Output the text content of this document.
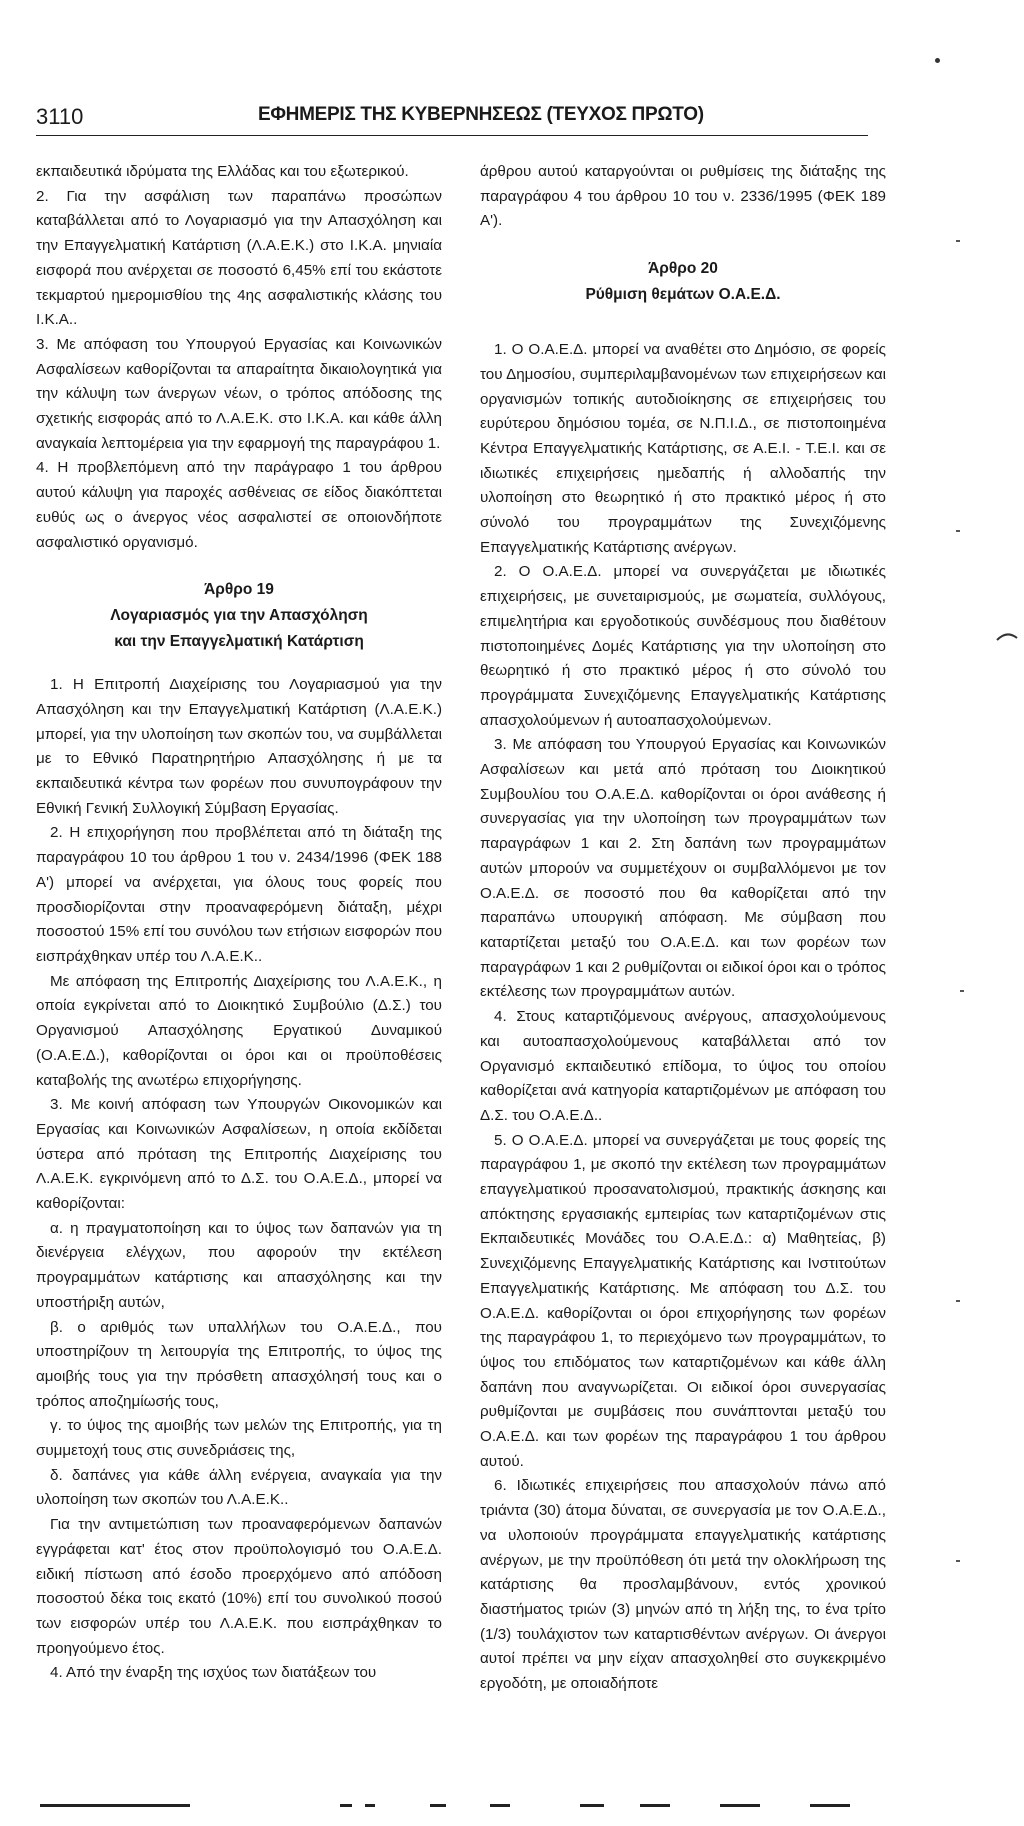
3110	ΕΦΗΜΕΡΙΣ ΤΗΣ ΚΥΒΕΡΝΗΣΕΩΣ (ΤΕΥΧΟΣ ΠΡΩΤΟ)

εκπαιδευτικά ιδρύματα της Ελλάδας και του εξωτερικού.

2. Για την ασφάλιση των παραπάνω προσώπων καταβάλλεται από το Λογαριασμό για την Απασχόληση και την Επαγγελματική Κατάρτιση (Λ.Α.Ε.Κ.) στο Ι.Κ.Α. μηνιαία εισφορά που ανέρχεται σε ποσοστό 6,45% επί του εκάστοτε τεκμαρτού ημερομισθίου της 4ης ασφαλιστικής κλάσης του Ι.Κ.Α..

3. Με απόφαση του Υπουργού Εργασίας και Κοινωνικών Ασφαλίσεων καθορίζονται τα απαραίτητα δικαιολογητικά για την κάλυψη των άνεργων νέων, ο τρόπος απόδοσης της σχετικής εισφοράς από το Λ.Α.Ε.Κ. στο Ι.Κ.Α. και κάθε άλλη αναγκαία λεπτομέρεια για την εφαρμογή της παραγράφου 1.

4. Η προβλεπόμενη από την παράγραφο 1 του άρθρου αυτού κάλυψη για παροχές ασθένειας σε είδος διακόπτεται ευθύς ως ο άνεργος νέος ασφαλιστεί σε οποιονδήποτε ασφαλιστικό οργανισμό.

Άρθρο 19
Λογαριασμός για την Απασχόληση
και την Επαγγελματική Κατάρτιση

1. Η Επιτροπή Διαχείρισης του Λογαριασμού για την Απασχόληση και την Επαγγελματική Κατάρτιση (Λ.Α.Ε.Κ.) μπορεί, για την υλοποίηση των σκοπών του, να συμβάλλεται με το Εθνικό Παρατηρητήριο Απασχόλησης ή με τα εκπαιδευτικά κέντρα των φορέων που συνυπογράφουν την Εθνική Γενική Συλλογική Σύμβαση Εργασίας.

2. Η επιχορήγηση που προβλέπεται από τη διάταξη της παραγράφου 10 του άρθρου 1 του ν. 2434/1996 (ΦΕΚ 188 Α') μπορεί να ανέρχεται, για όλους τους φορείς που προσδιορίζονται στην προαναφερόμενη διάταξη, μέχρι ποσοστού 15% επί του συνόλου των ετήσιων εισφορών που εισπράχθηκαν υπέρ του Λ.Α.Ε.Κ..

Με απόφαση της Επιτροπής Διαχείρισης του Λ.Α.Ε.Κ., η οποία εγκρίνεται από το Διοικητικό Συμβούλιο (Δ.Σ.) του Οργανισμού Απασχόλησης Εργατικού Δυναμικού (Ο.Α.Ε.Δ.), καθορίζονται οι όροι και οι προϋποθέσεις καταβολής της ανωτέρω επιχορήγησης.

3. Με κοινή απόφαση των Υπουργών Οικονομικών και Εργασίας και Κοινωνικών Ασφαλίσεων, η οποία εκδίδεται ύστερα από πρόταση της Επιτροπής Διαχείρισης του Λ.Α.Ε.Κ. εγκρινόμενη από το Δ.Σ. του Ο.Α.Ε.Δ., μπορεί να καθορίζονται:

α. η πραγματοποίηση και το ύψος των δαπανών για τη διενέργεια ελέγχων, που αφορούν την εκτέλεση προγραμμάτων κατάρτισης και απασχόλησης και την υποστήριξη αυτών,

β. ο αριθμός των υπαλλήλων του Ο.Α.Ε.Δ., που υποστηρίζουν τη λειτουργία της Επιτροπής, το ύψος της αμοιβής τους για την πρόσθετη απασχόλησή τους και ο τρόπος αποζημίωσής τους,

γ. το ύψος της αμοιβής των μελών της Επιτροπής, για τη συμμετοχή τους στις συνεδριάσεις της,

δ. δαπάνες για κάθε άλλη ενέργεια, αναγκαία για την υλοποίηση των σκοπών του Λ.Α.Ε.Κ..

Για την αντιμετώπιση των προαναφερόμενων δαπανών εγγράφεται κατ' έτος στον προϋπολογισμό του Ο.Α.Ε.Δ. ειδική πίστωση από έσοδο προερχόμενο από απόδοση ποσοστού δέκα τοις εκατό (10%) επί του συνολικού ποσού των εισφορών υπέρ του Λ.Α.Ε.Κ. που εισπράχθηκαν το προηγούμενο έτος.

4. Από την έναρξη της ισχύος των διατάξεων του

άρθρου αυτού καταργούνται οι ρυθμίσεις της διάταξης της παραγράφου 4 του άρθρου 10 του ν. 2336/1995 (ΦΕΚ 189 Α').

Άρθρο 20
Ρύθμιση θεμάτων Ο.Α.Ε.Δ.

1. Ο Ο.Α.Ε.Δ. μπορεί να αναθέτει στο Δημόσιο, σε φορείς του Δημοσίου, συμπεριλαμβανομένων των επιχειρήσεων και οργανισμών τοπικής αυτοδιοίκησης σε επιχειρήσεις του ευρύτερου δημόσιου τομέα, σε Ν.Π.Ι.Δ., σε πιστοποιημένα Κέντρα Επαγγελματικής Κατάρτισης, σε Α.Ε.Ι. - Τ.Ε.Ι. και σε ιδιωτικές επιχειρήσεις ημεδαπής ή αλλοδαπής την υλοποίηση στο θεωρητικό ή στο πρακτικό μέρος ή στο σύνολό του προγραμμάτων της Συνεχιζόμενης Επαγγελματικής Κατάρτισης ανέργων.

2. Ο Ο.Α.Ε.Δ. μπορεί να συνεργάζεται με ιδιωτικές επιχειρήσεις, με συνεταιρισμούς, με σωματεία, συλλόγους, επιμελητήρια και εργοδοτικούς συνδέσμους που διαθέτουν πιστοποιημένες Δομές Κατάρτισης για την υλοποίηση στο θεωρητικό ή στο πρακτικό μέρος ή στο σύνολό του προγράμματα Συνεχιζόμενης Επαγγελματικής Κατάρτισης απασχολούμενων ή αυτοαπασχολούμενων.

3. Με απόφαση του Υπουργού Εργασίας και Κοινωνικών Ασφαλίσεων και μετά από πρόταση του Διοικητικού Συμβουλίου του Ο.Α.Ε.Δ. καθορίζονται οι όροι ανάθεσης ή συνεργασίας για την υλοποίηση των προγραμμάτων των παραγράφων 1 και 2. Στη δαπάνη των προγραμμάτων αυτών μπορούν να συμμετέχουν οι συμβαλλόμενοι με τον Ο.Α.Ε.Δ. σε ποσοστό που θα καθορίζεται από την παραπάνω υπουργική απόφαση. Με σύμβαση που καταρτίζεται μεταξύ του Ο.Α.Ε.Δ. και των φορέων των παραγράφων 1 και 2 ρυθμίζονται οι ειδικοί όροι και ο τρόπος εκτέλεσης των προγραμμάτων αυτών.

4. Στους καταρτιζόμενους ανέργους, απασχολούμενους και αυτοαπασχολούμενους καταβάλλεται από τον Οργανισμό εκπαιδευτικό επίδομα, το ύψος του οποίου καθορίζεται ανά κατηγορία καταρτιζομένων με απόφαση του Δ.Σ. του Ο.Α.Ε.Δ..

5. Ο Ο.Α.Ε.Δ. μπορεί να συνεργάζεται με τους φορείς της παραγράφου 1, με σκοπό την εκτέλεση των προγραμμάτων επαγγελματικού προσανατολισμού, πρακτικής άσκησης και απόκτησης εργασιακής εμπειρίας των καταρτιζομένων στις Εκπαιδευτικές Μονάδες του Ο.Α.Ε.Δ.: α) Μαθητείας, β) Συνεχιζόμενης Επαγγελματικής Κατάρτισης και Ινστιτούτων Επαγγελματικής Κατάρτισης. Με απόφαση του Δ.Σ. του Ο.Α.Ε.Δ. καθορίζονται οι όροι επιχορήγησης των φορέων της παραγράφου 1, το περιεχόμενο των προγραμμάτων, το ύψος του επιδόματος των καταρτιζομένων και κάθε άλλη δαπάνη που αναγνωρίζεται. Οι ειδικοί όροι συνεργασίας ρυθμίζονται με συμβάσεις που συνάπτονται μεταξύ του Ο.Α.Ε.Δ. και των φορέων της παραγράφου 1 του άρθρου αυτού.

6. Ιδιωτικές επιχειρήσεις που απασχολούν πάνω από τριάντα (30) άτομα δύναται, σε συνεργασία με τον Ο.Α.Ε.Δ., να υλοποιούν προγράμματα επαγγελματικής κατάρτισης ανέργων, με την προϋπόθεση ότι μετά την ολοκλήρωση της κατάρτισης θα προσλαμβάνουν, εντός χρονικού διαστήματος τριών (3) μηνών από τη λήξη της, το ένα τρίτο (1/3) τουλάχιστον των καταρτισθέντων ανέργων. Οι άνεργοι αυτοί πρέπει να μην είχαν απασχοληθεί στο συγκεκριμένο εργοδότη, με οποιαδήποτε
